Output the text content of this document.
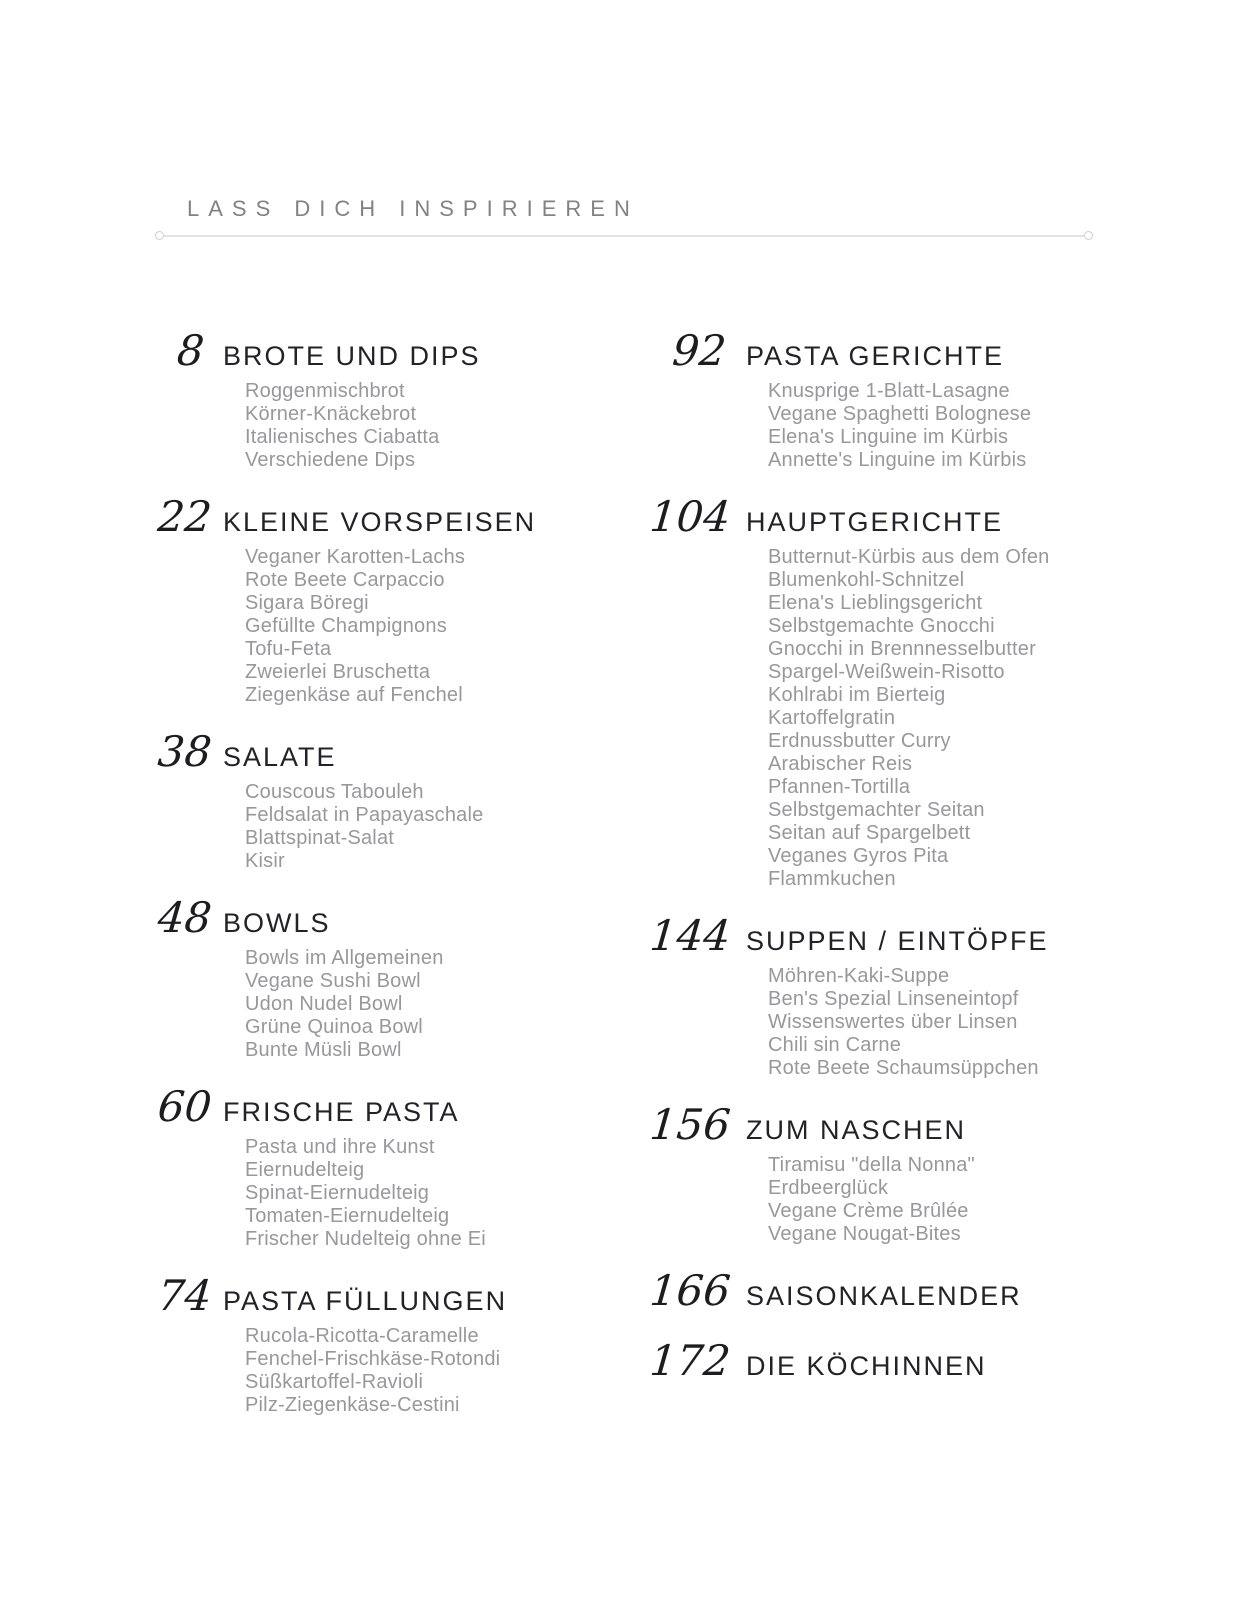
LASS DICH INSPIRIEREN
8 BROTE UND DIPS
Roggenmischbrot
Körner-Knäckebrot
Italienisches Ciabatta
Verschiedene Dips
22 KLEINE VORSPEISEN
Veganer Karotten-Lachs
Rote Beete Carpaccio
Sigara Böregi
Gefüllte Champignons
Tofu-Feta
Zweierlei Bruschetta
Ziegenkäse auf Fenchel
38 SALATE
Couscous Tabouleh
Feldsalat in Papayaschale
Blattspinat-Salat
Kisir
48 BOWLS
Bowls im Allgemeinen
Vegane Sushi Bowl
Udon Nudel Bowl
Grüne Quinoa Bowl
Bunte Müsli Bowl
60 FRISCHE PASTA
Pasta und ihre Kunst
Eiernudelteig
Spinat-Eiernudelteig
Tomaten-Eiernudelteig
Frischer Nudelteig ohne Ei
74 PASTA FÜLLUNGEN
Rucola-Ricotta-Caramelle
Fenchel-Frischkäse-Rotondi
Süßkartoffel-Ravioli
Pilz-Ziegenkäse-Cestini
92 PASTA GERICHTE
Knusprige 1-Blatt-Lasagne
Vegane Spaghetti Bolognese
Elena's Linguine im Kürbis
Annette's Linguine im Kürbis
104 HAUPTGERICHTE
Butternut-Kürbis aus dem Ofen
Blumenkohl-Schnitzel
Elena's Lieblingsgericht
Selbstgemachte Gnocchi
Gnocchi in Brennnesselbutter
Spargel-Weißwein-Risotto
Kohlrabi im Bierteig
Kartoffelgratin
Erdnussbutter Curry
Arabischer Reis
Pfannen-Tortilla
Selbstgemachter Seitan
Seitan auf Spargelbett
Veganes Gyros Pita
Flammkuchen
144 SUPPEN / EINTÖPFE
Möhren-Kaki-Suppe
Ben's Spezial Linseneintopf
Wissenswertes über Linsen
Chili sin Carne
Rote Beete Schaumsüppchen
156 ZUM NASCHEN
Tiramisu "della Nonna"
Erdbeerglück
Vegane Crème Brûlée
Vegane Nougat-Bites
166 SAISONKALENDER
172 DIE KÖCHINNEN
